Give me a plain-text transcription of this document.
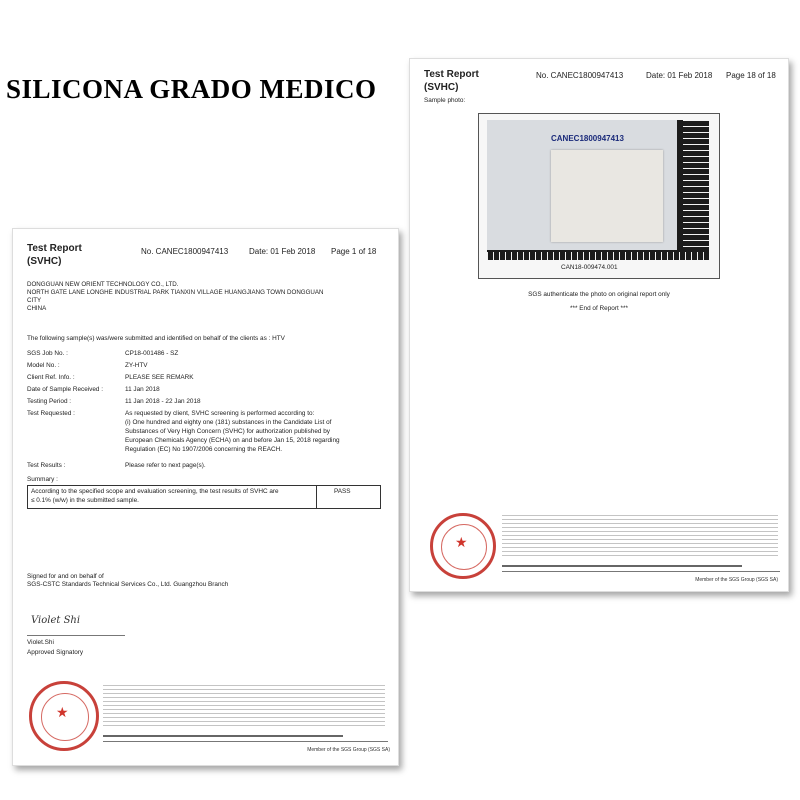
SILICONA GRADO MEDICO
Test Report
(SVHC)
No. CANEC1800947413	Date: 01 Feb 2018 Page 1 of 18
DONGGUAN NEW ORIENT TECHNOLOGY CO., LTD.
NORTH GATE LANE LONGHE INDUSTRIAL PARK TIANXIN VILLAGE HUANGJIANG TOWN DONGGUAN
CITY
CHINA
The following sample(s) was/were submitted and identified on behalf of the clients as : HTV
SGS Job No. :	CP18-001486 - SZ
Model No. :	ZY-HTV
Client Ref. Info. :	PLEASE SEE REMARK
Date of Sample Received :	11 Jan 2018
Testing Period :	11 Jan 2018 - 22 Jan 2018
Test Requested :	As requested by client, SVHC screening is performed according to:
(i) One hundred and eighty one (181) substances in the Candidate List of
Substances of Very High Concern (SVHC) for authorization published by
European Chemicals Agency (ECHA) on and before Jan 15, 2018 regarding
Regulation (EC) No 1907/2006 concerning the REACH.
Test Results :	Please refer to next page(s).
Summary :
According to the specified scope and evaluation screening, the test results of SVHC are
≤ 0.1% (w/w) in the submitted sample.
PASS
Signed for and on behalf of
SGS-CSTC Standards Technical Services Co., Ltd. Guangzhou Branch
Violet Shi
Violet.Shi
Approved Signatory
★
Member of the SGS Group (SGS SA)
Test Report
(SVHC)
No. CANEC1800947413	Date: 01 Feb 2018 Page 18 of 18
Sample photo:
CANEC1800947413
CAN18-009474.001
SGS authenticate the photo on original report only
*** End of Report ***
★
Member of the SGS Group (SGS SA)
